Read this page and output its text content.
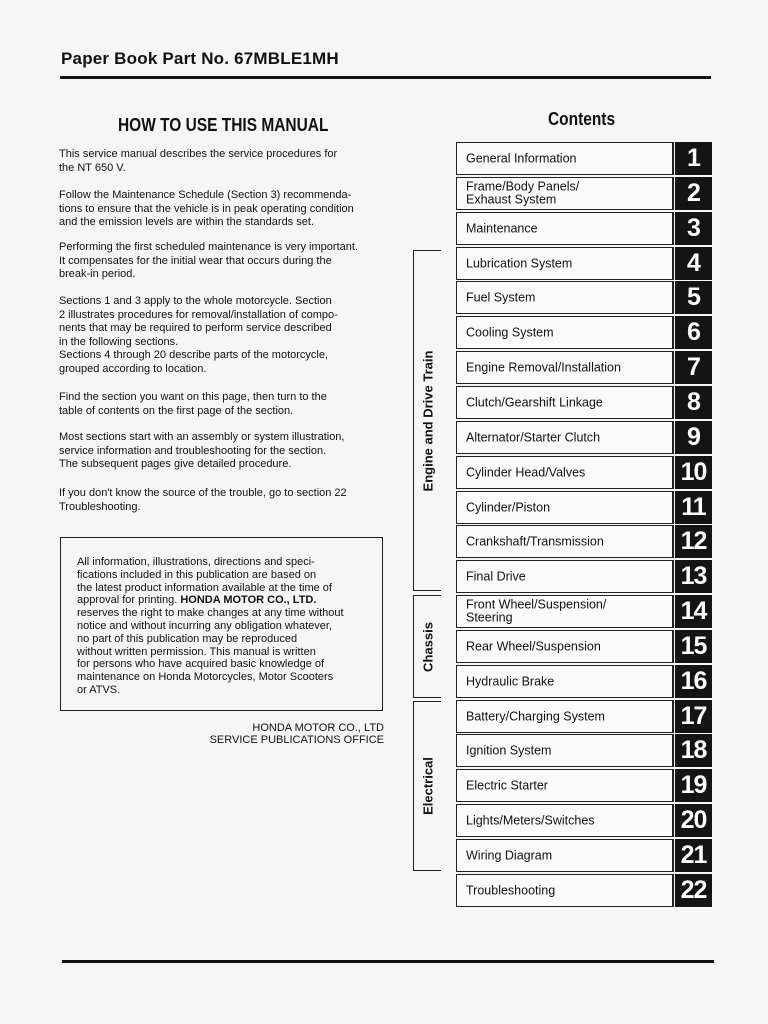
Paper Book Part No. 67MBLE1MH
HOW TO USE THIS MANUAL
This service manual describes the service procedures for
the NT 650 V.
Follow the Maintenance Schedule (Section 3) recommenda-
tions to ensure that the vehicle is in peak operating condition
and the emission levels are within the standards set.
Performing the first scheduled maintenance is very important.
It compensates for the initial wear that occurs during the
break-in period.
Sections 1 and 3 apply to the whole motorcycle. Section
2 illustrates procedures for removal/installation of compo-
nents that may be required to perform service described
in the following sections.
Sections 4 through 20 describe parts of the motorcycle,
grouped according to location.
Find the section you want on this page, then turn to the
table of contents on the first page of the section.
Most sections start with an assembly or system illustration,
service information and troubleshooting for the section.
The subsequent pages give detailed procedure.
If you don't know the source of the trouble, go to section 22
Troubleshooting.
All information, illustrations, directions and speci-
fications included in this publication are based on
the latest product information available at the time of
approval for printing. HONDA MOTOR CO., LTD.
reserves the right to make changes at any time without
notice and without incurring any obligation whatever,
no part of this publication may be reproduced
without written permission. This manual is written
for persons who have acquired basic knowledge of
maintenance on Honda Motorcycles, Motor Scooters
or ATVS.
HONDA MOTOR CO., LTD
SERVICE PUBLICATIONS OFFICE
Contents
Engine and Drive Train
Chassis
Electrical
General Information	1
Frame/Body Panels/
Exhaust System	2
Maintenance	3
Lubrication System	4
Fuel System	5
Cooling System	6
Engine Removal/Installation	7
Clutch/Gearshift Linkage	8
Alternator/Starter Clutch	9
Cylinder Head/Valves	10
Cylinder/Piston	11
Crankshaft/Transmission	12
Final Drive	13
Front Wheel/Suspension/
Steering	14
Rear Wheel/Suspension	15
Hydraulic Brake	16
Battery/Charging System	17
Ignition System	18
Electric Starter	19
Lights/Meters/Switches	20
Wiring Diagram	21
Troubleshooting	22
